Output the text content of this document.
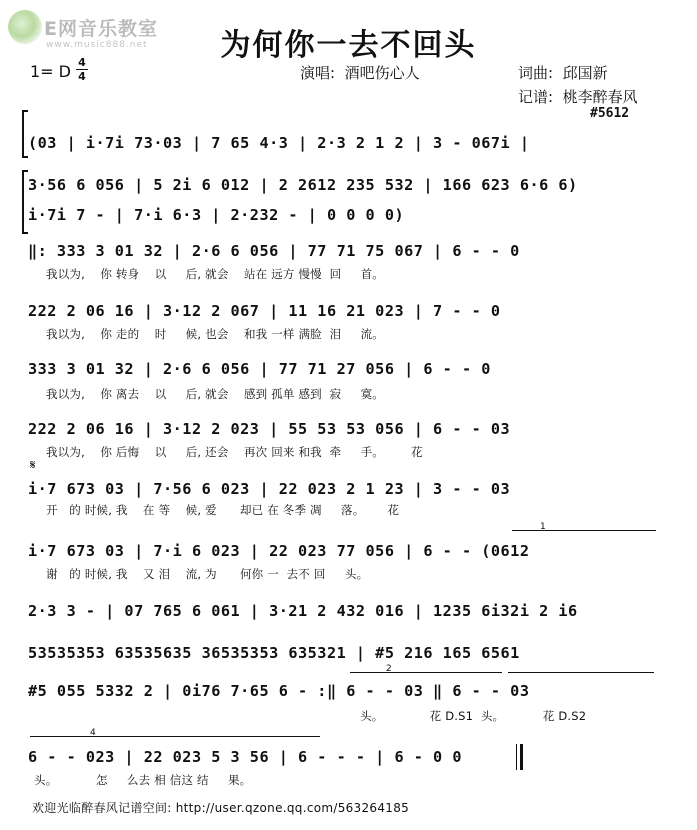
E网音乐教室
www.music888.net	为何你一去不回头
1= D 4
4	演唱:  酒吧伤心人	词曲:  邱国新
记谱:  桃李醉春风
#5612
(03 | i·7i 73·03 | 7 65 4·3 | 2·3 2 1 2 | 3 - 067i |
3·56 6 056 | 5 2i 6 012 | 2 2612 235 532 | 166 623 6·6 6)
i·7i 7 - | 7·i 6·3 | 2·232 - | 0 0 0 0)
‖: 333 3 01 32 | 2·6 6 056 | 77 71 75 067 | 6 - - 0
我以为,    你 转身    以     后, 就会    站在 远方 慢慢  回     首。
222 2 06 16 | 3·12 2 067 | 11 16 21 023 | 7 - - 0
我以为,    你 走的    时     候, 也会    和我 一样 满脸  泪     流。
333 3 01 32 | 2·6 6 056 | 77 71 27 056 | 6 - - 0
我以为,    你 离去    以     后, 就会    感到 孤单 感到  寂     寞。
222 2 06 16 | 3·12 2 023 | 55 53 53 056 | 6 - - 03
我以为,    你 后悔    以     后, 还会    再次 回来 和我  牵     手。       花
𝄋
i·7 673 03 | 7·56 6 023 | 22 023 2 1 23 | 3 - - 03
开   的 时候, 我    在 等    候, 爱      却已 在 冬季 凋     落。      花
1
i·7 673 03 | 7·i 6 023 | 22 023 77 056 | 6 - - (0612
谢   的 时候, 我    又 泪    流, 为      何你 一  去不 回     头。
2·3 3 - | 07 765 6 061 | 3·21 2 432 016 | 1235 6i32i 2 i6
53535353 63535635 36535353 635321 | #5 216 165 6561
2
#5 055 5332 2 | 0i76 7·65 6 - :‖ 6 - - 03 ‖ 6 - - 03
头。            花 D.S1  头。          花 D.S2
4
6 - - 023 | 22 023 5 3 56 | 6 - - - | 6 - 0 0
头。          怎     么去 相 信这 结     果。
欢迎光临醉春风记谱空间: http://user.qzone.qq.com/563264185
